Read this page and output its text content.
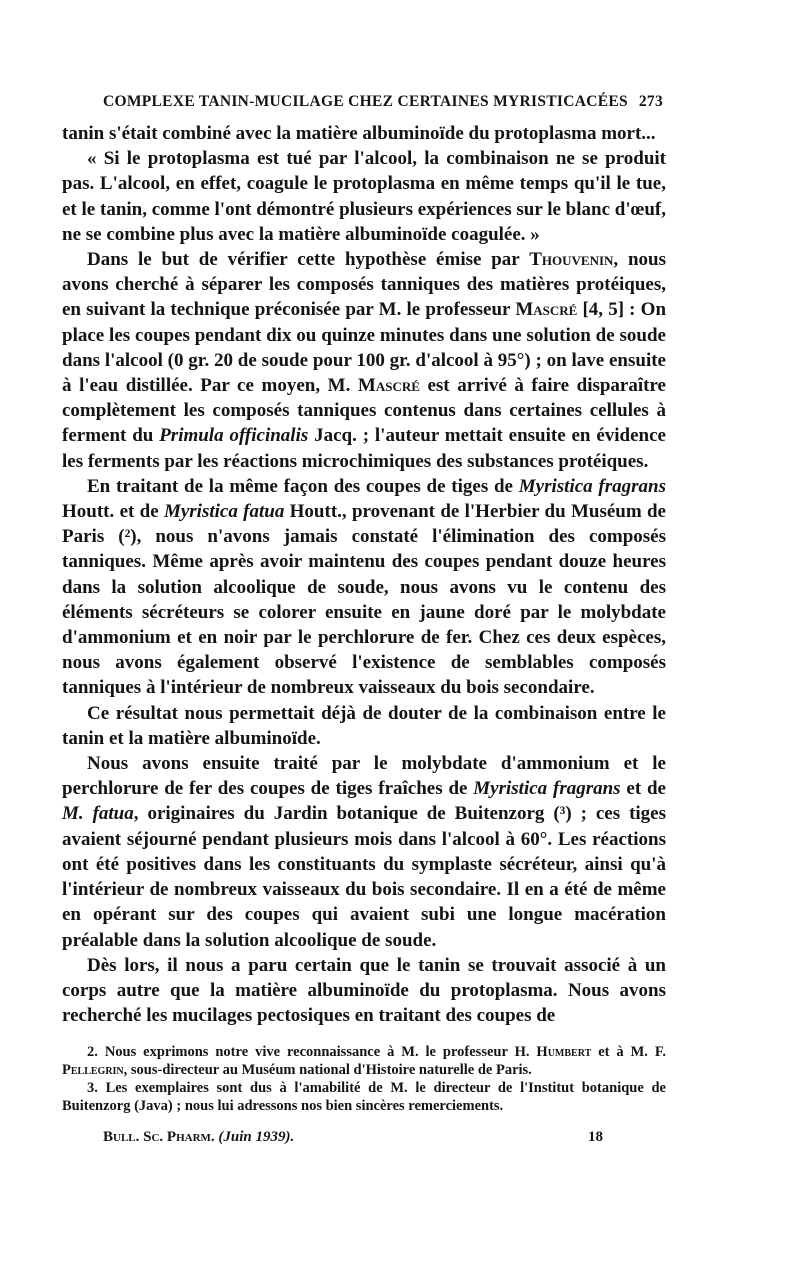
COMPLEXE TANIN-MUCILAGE CHEZ CERTAINES MYRISTICACÉES 273

tanin s'était combiné avec la matière albuminoïde du protoplasma mort...

« Si le protoplasma est tué par l'alcool, la combinaison ne se produit pas. L'alcool, en effet, coagule le protoplasma en même temps qu'il le tue, et le tanin, comme l'ont démontré plusieurs expériences sur le blanc d'œuf, ne se combine plus avec la matière albuminoïde coagulée. »

Dans le but de vérifier cette hypothèse émise par Thouvenin, nous avons cherché à séparer les composés tanniques des matières protéiques, en suivant la technique préconisée par M. le professeur Mascré [4, 5] : On place les coupes pendant dix ou quinze minutes dans une solution de soude dans l'alcool (0 gr. 20 de soude pour 100 gr. d'alcool à 95°) ; on lave ensuite à l'eau distillée. Par ce moyen, M. Mascré est arrivé à faire disparaître complètement les composés tanniques contenus dans certaines cellules à ferment du Primula officinalis Jacq. ; l'auteur mettait ensuite en évidence les ferments par les réactions microchimiques des substances protéiques.

En traitant de la même façon des coupes de tiges de Myristica fragrans Houtt. et de Myristica fatua Houtt., provenant de l'Herbier du Muséum de Paris (²), nous n'avons jamais constaté l'élimination des composés tanniques. Même après avoir maintenu des coupes pendant douze heures dans la solution alcoolique de soude, nous avons vu le contenu des éléments sécréteurs se colorer ensuite en jaune doré par le molybdate d'ammonium et en noir par le perchlorure de fer. Chez ces deux espèces, nous avons également observé l'existence de semblables composés tanniques à l'intérieur de nombreux vaisseaux du bois secondaire.

Ce résultat nous permettait déjà de douter de la combinaison entre le tanin et la matière albuminoïde.

Nous avons ensuite traité par le molybdate d'ammonium et le perchlorure de fer des coupes de tiges fraîches de Myristica fragrans et de M. fatua, originaires du Jardin botanique de Buitenzorg (³) ; ces tiges avaient séjourné pendant plusieurs mois dans l'alcool à 60°. Les réactions ont été positives dans les constituants du symplaste sécréteur, ainsi qu'à l'intérieur de nombreux vaisseaux du bois secondaire. Il en a été de même en opérant sur des coupes qui avaient subi une longue macération préalable dans la solution alcoolique de soude.

Dès lors, il nous a paru certain que le tanin se trouvait associé à un corps autre que la matière albuminoïde du protoplasma. Nous avons recherché les mucilages pectosiques en traitant des coupes de

2. Nous exprimons notre vive reconnaissance à M. le professeur H. Humbert et à M. F. Pellegrin, sous-directeur au Muséum national d'Histoire naturelle de Paris.

3. Les exemplaires sont dus à l'amabilité de M. le directeur de l'Institut botanique de Buitenzorg (Java) ; nous lui adressons nos bien sincères remerciements.

Bull. Sc. Pharm. (Juin 1939).	18
